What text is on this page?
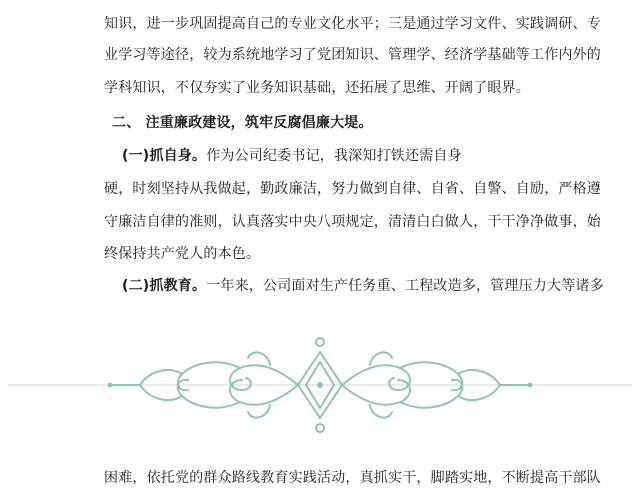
知识，进一步巩固提高自己的专业文化水平；三是通过学习文件、实践调研、专
业学习等途径，较为系统地学习了党团知识、管理学、经济学基础等工作内外的
学科知识，不仅夯实了业务知识基础，还拓展了思维、开阔了眼界。
二、 注重廉政建设，筑牢反腐倡廉大堤。
(一)抓自身。作为公司纪委书记，我深知打铁还需自身
硬，时刻坚持从我做起，勤政廉洁，努力做到自律、自省、自警、自励，严格遵
守廉洁自律的准则，认真落实中央八项规定，清清白白做人，干干净净做事，始
终保持共产党人的本色。
(二)抓教育。一年来，公司面对生产任务重、工程改造多，管理压力大等诸多
困难，依托党的群众路线教育实践活动，真抓实干，脚踏实地，不断提高干部队
